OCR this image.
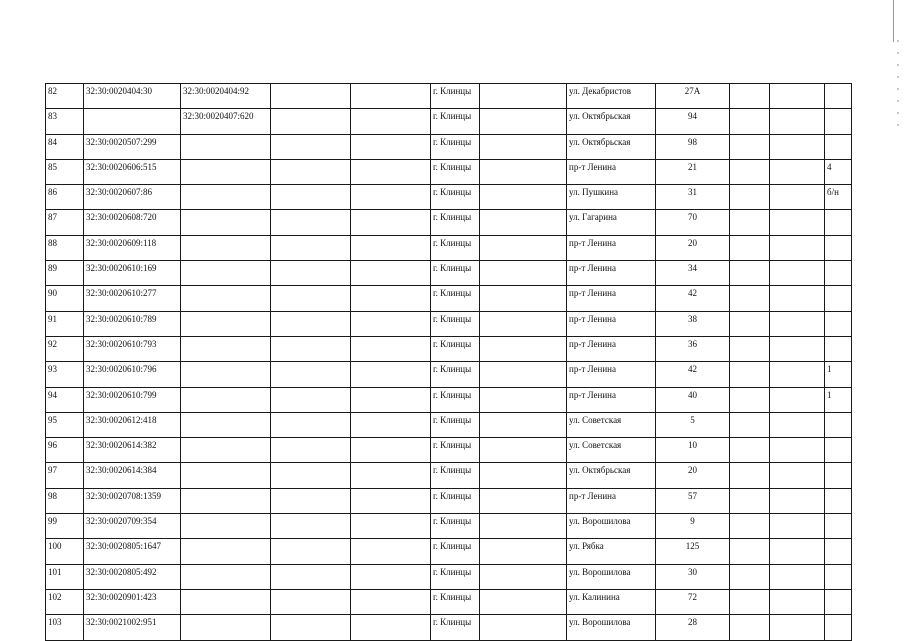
82	32:30:0020404:30	32:30:0020404:92			г. Клинцы		ул. Декабристов	27А			
83		32:30:0020407:620			г. Клинцы		ул. Октябрьская	94			
84	32:30:0020507:299				г. Клинцы		ул. Октябрьская	98			
85	32:30:0020606:515				г. Клинцы		пр-т Ленина	21			4
86	32:30:0020607:86				г. Клинцы		ул. Пушкина	31			б/н
87	32:30:0020608:720				г. Клинцы		ул. Гагарина	70			
88	32:30:0020609:118				г. Клинцы		пр-т Ленина	20			
89	32:30:0020610:169				г. Клинцы		пр-т Ленина	34			
90	32:30:0020610:277				г. Клинцы		пр-т Ленина	42			
91	32:30:0020610:789				г. Клинцы		пр-т Ленина	38			
92	32:30:0020610:793				г. Клинцы		пр-т Ленина	36			
93	32:30:0020610:796				г. Клинцы		пр-т Ленина	42			1
94	32:30:0020610:799				г. Клинцы		пр-т Ленина	40			1
95	32:30:0020612:418				г. Клинцы		ул. Советская	5			
96	32:30:0020614:382				г. Клинцы		ул. Советская	10			
97	32:30:0020614:384				г. Клинцы		ул. Октябрьская	20			
98	32:30:0020708:1359				г. Клинцы		пр-т Ленина	57			
99	32:30:0020709:354				г. Клинцы		ул. Ворошилова	9			
100	32:30:0020805:1647				г. Клинцы		ул. Рябка	125			
101	32:30:0020805:492				г. Клинцы		ул. Ворошилова	30			
102	32:30:0020901:423				г. Клинцы		ул. Калинина	72			
103	32:30:0021002:951				г. Клинцы		ул. Ворошилова	28			
